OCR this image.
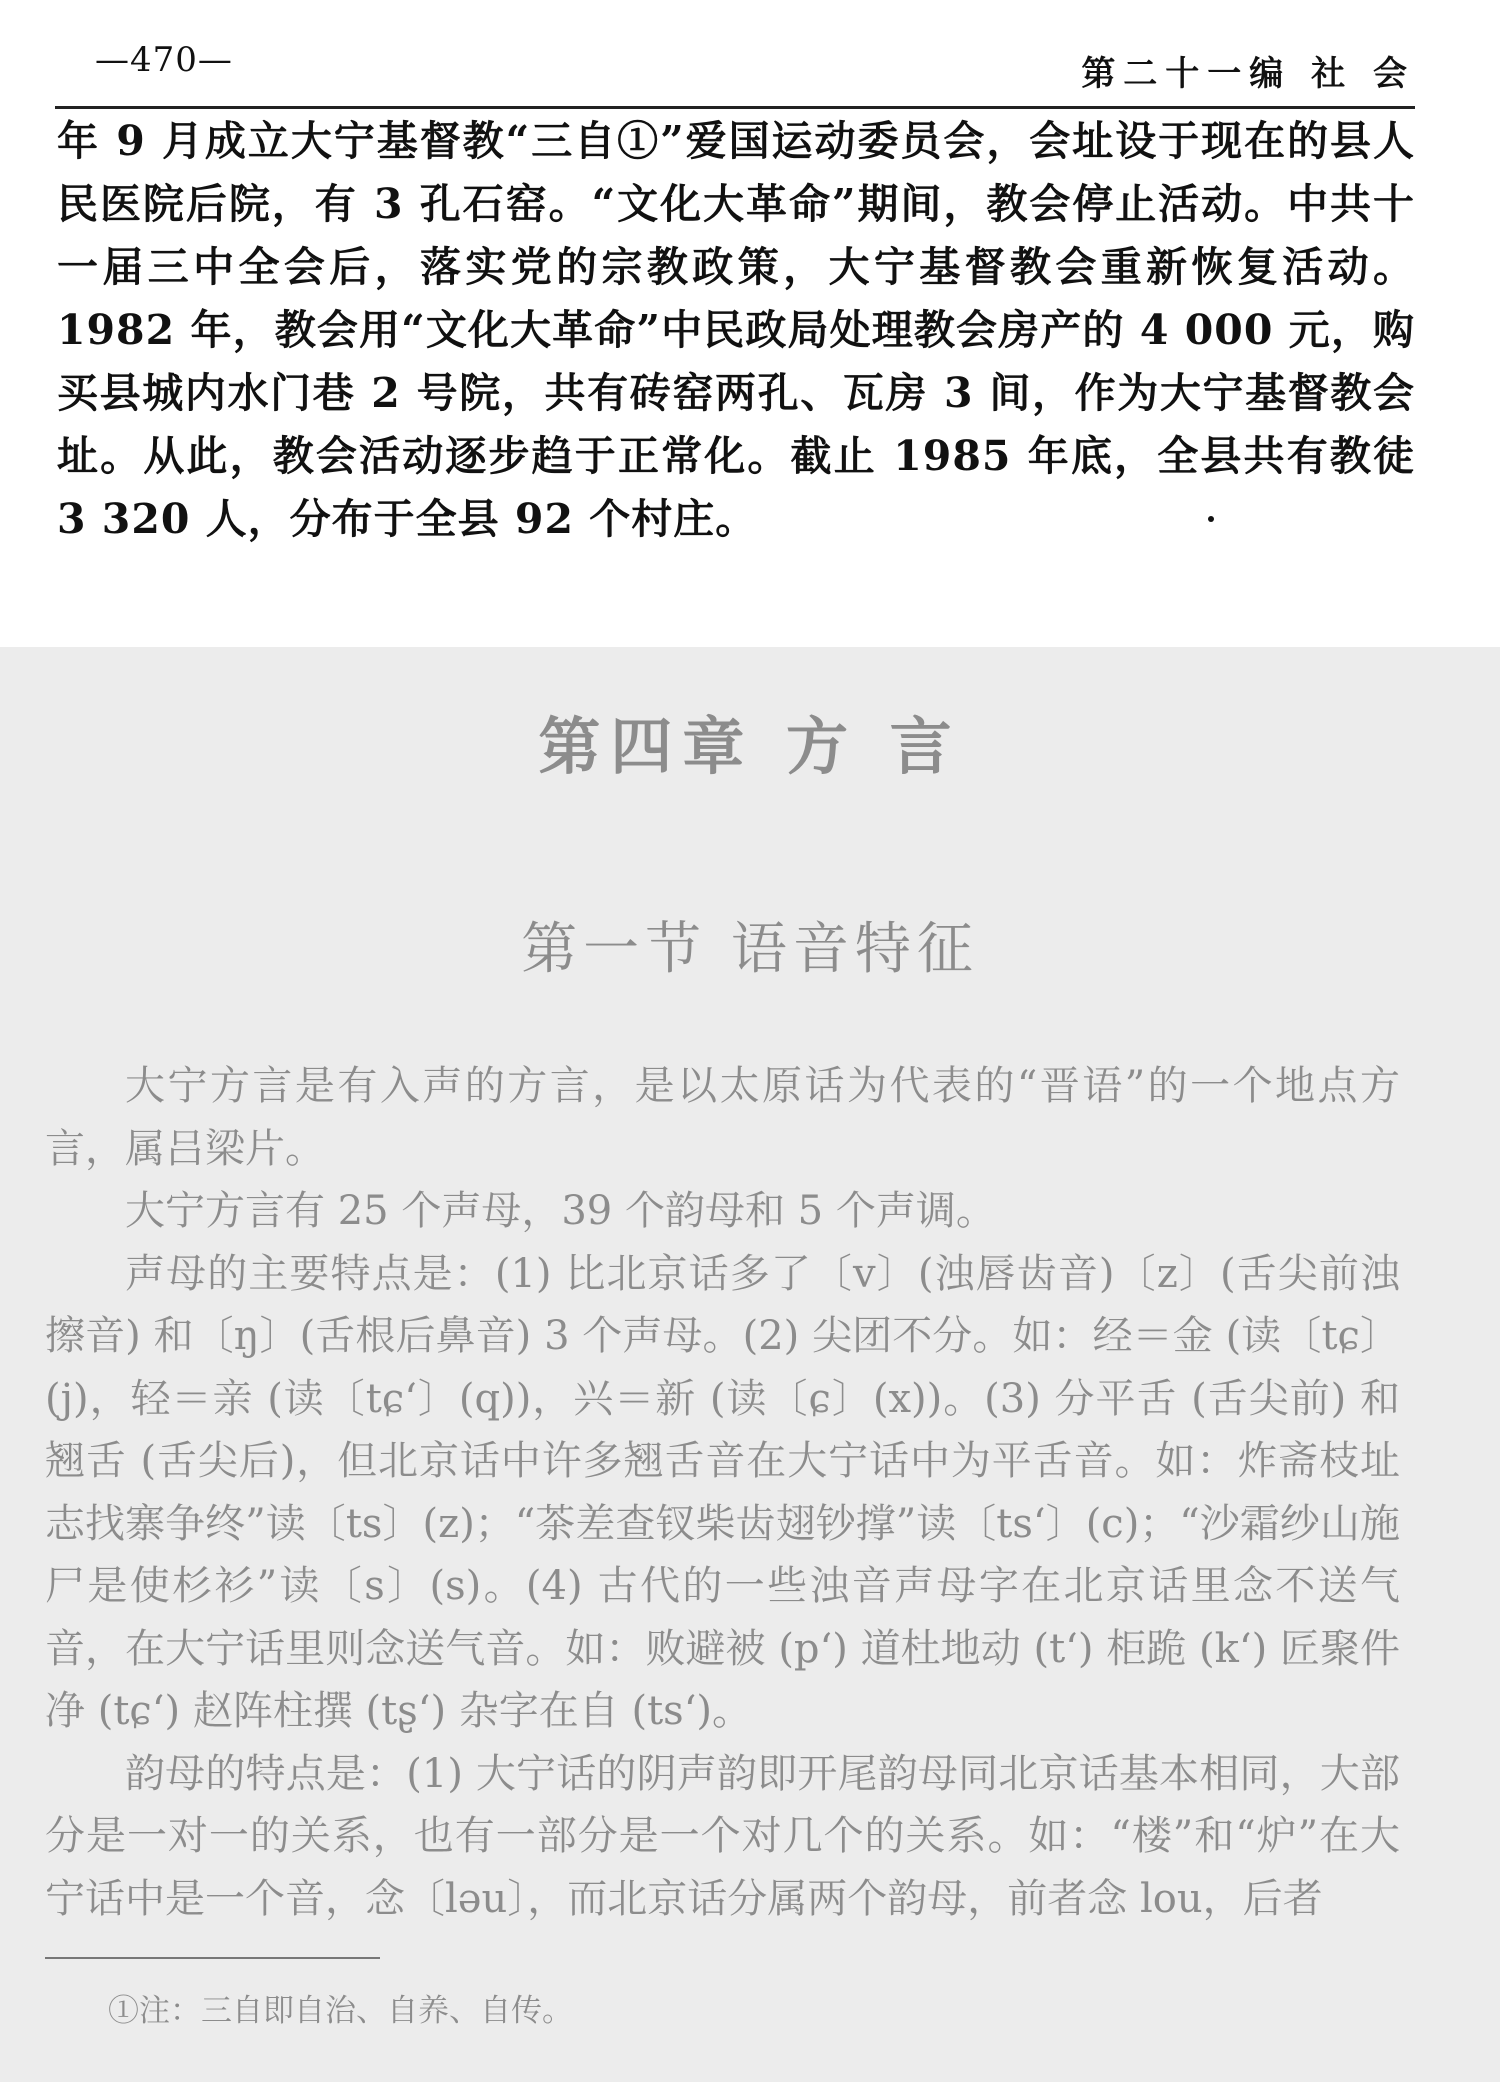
—470—	第二十一编 社 会

年 9 月成立大宁基督教“三自①”爱国运动委员会，会址设于现在的县人民医院后院，有 3 孔石窑。“文化大革命”期间，教会停止活动。中共十一届三中全会后，落实党的宗教政策，大宁基督教会重新恢复活动。1982 年，教会用“文化大革命”中民政局处理教会房产的 4 000 元，购买县城内水门巷 2 号院，共有砖窑两孔、瓦房 3 间，作为大宁基督教会址。从此，教会活动逐步趋于正常化。截止 1985 年底，全县共有教徒 3 320 人，分布于全县 92 个村庄。

第四章 方 言
第一节 语音特征

大宁方言是有入声的方言，是以太原话为代表的“晋语”的一个地点方言，属吕梁片。

大宁方言有 25 个声母，39 个韵母和 5 个声调。

声母的主要特点是：(1) 比北京话多了〔v〕(浊唇齿音)〔z〕(舌尖前浊擦音) 和〔ŋ〕(舌根后鼻音) 3 个声母。(2) 尖团不分。如：经＝金 (读〔tɕ〕(j)，轻＝亲 (读〔tɕ‘〕(q))，兴＝新 (读〔ɕ〕(x))。(3) 分平舌 (舌尖前) 和翘舌 (舌尖后)，但北京话中许多翘舌音在大宁话中为平舌音。如：炸斋枝址志找寨争终”读〔ts〕(z)；“茶差查钗柴齿翅钞撑”读〔ts‘〕(c)；“沙霜纱山施尸是使杉衫”读〔s〕(s)。(4) 古代的一些浊音声母字在北京话里念不送气音，在大宁话里则念送气音。如：败避被 (p‘) 道杜地动 (t‘) 柜跪 (k‘) 匠聚件净 (tɕ‘) 赵阵柱撰 (tʂ‘) 杂字在自 (ts‘)。

韵母的特点是：(1) 大宁话的阴声韵即开尾韵母同北京话基本相同，大部分是一对一的关系，也有一部分是一个对几个的关系。如：“楼”和“炉”在大宁话中是一个音，念〔ləu〕，而北京话分属两个韵母，前者念 lou，后者

①注：三自即自治、自养、自传。
